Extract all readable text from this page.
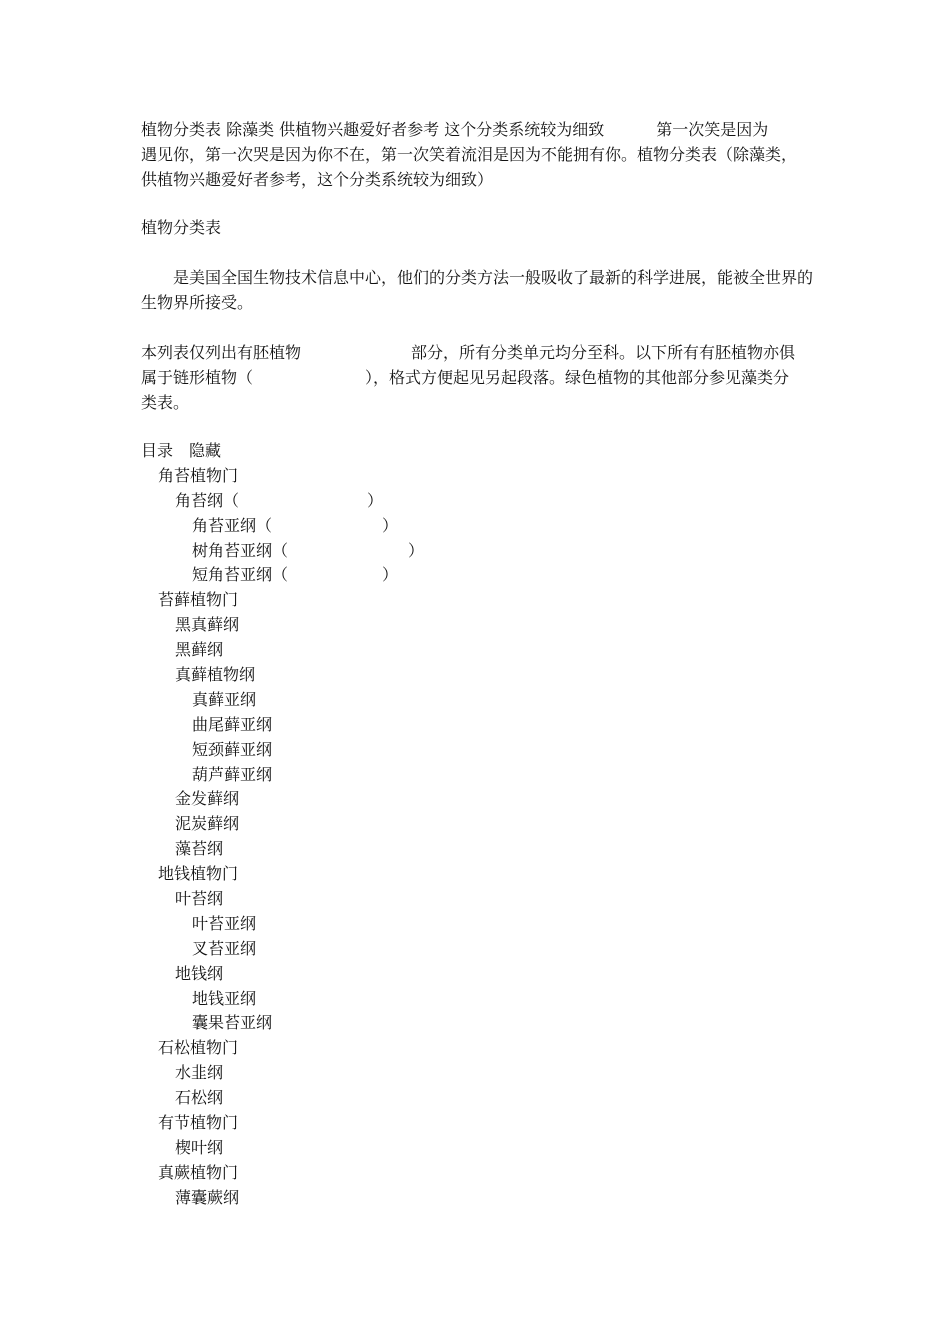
植物分类表 除藻类 供植物兴趣爱好者参考 这个分类系统较为细致	第一次笑是因为
遇见你，第一次哭是因为你不在，第一次笑着流泪是因为不能拥有你。植物分类表（除藻类，
供植物兴趣爱好者参考，这个分类系统较为细致）
植物分类表
是美国全国生物技术信息中心，他们的分类方法一般吸收了最新的科学进展，能被全世界的生物界所接受。
本列表仅列出有胚植物	部分，所有分类单元均分至科。以下所有有胚植物亦俱
属于链形植物（	），格式方便起见另起段落。绿色植物的其他部分参见藻类分
类表。
目录 隐藏
角苔植物门
角苔纲（	）
角苔亚纲（	）
树角苔亚纲（	）
短角苔亚纲（	）
苔藓植物门
黑真藓纲
黑藓纲
真藓植物纲
真藓亚纲
曲尾藓亚纲
短颈藓亚纲
葫芦藓亚纲
金发藓纲
泥炭藓纲
藻苔纲
地钱植物门
叶苔纲
叶苔亚纲
叉苔亚纲
地钱纲
地钱亚纲
囊果苔亚纲
石松植物门
水韭纲
石松纲
有节植物门
楔叶纲
真蕨植物门
薄囊蕨纲
